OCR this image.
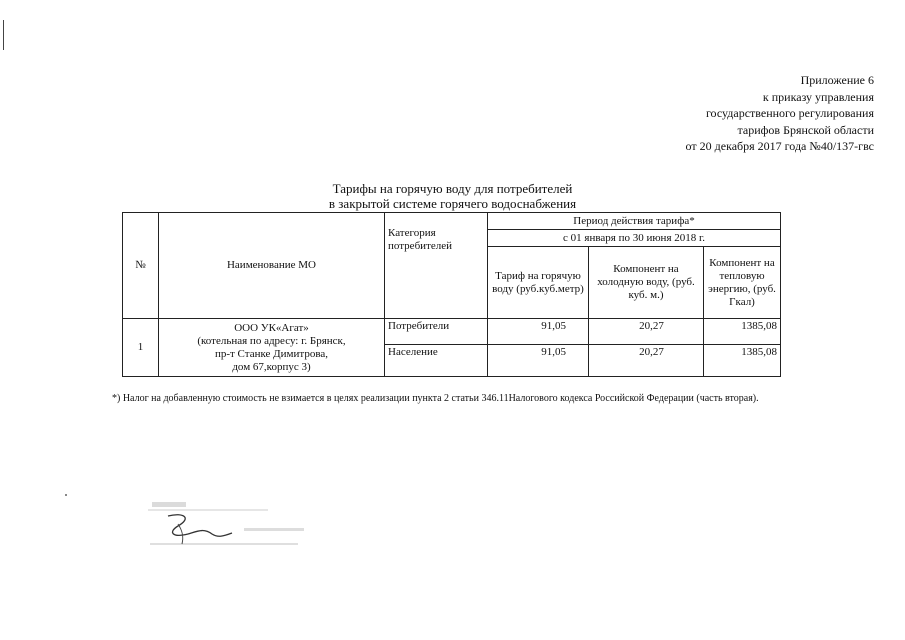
Приложение 6
к приказу управления
государственного регулирования
тарифов Брянской области
от 20 декабря 2017 года №40/137-гвс
Тарифы на горячую воду для потребителей
в закрытой системе горячего водоснабжения
№	Наименование МО	Категория потребителей	Период действия тарифа*		
			с 01 января по 30 июня 2018 г.		
			Тариф на горячую воду (руб.куб.метр)	Компонент на холодную воду, (руб. куб. м.)	Компонент на тепловую энергию, (руб. Гкал)
1	ООО УК«Агат»
(котельная по адресу: г. Брянск,
пр-т Станке Димитрова,
дом 67,корпус 3)	Потребители	91,05	20,27	1385,08
		Население	91,05	20,27	1385,08
*) Налог на добавленную стоимость не взимается в целях реализации пункта 2 статьи 346.11Налогового кодекса Российской Федерации (часть вторая).
